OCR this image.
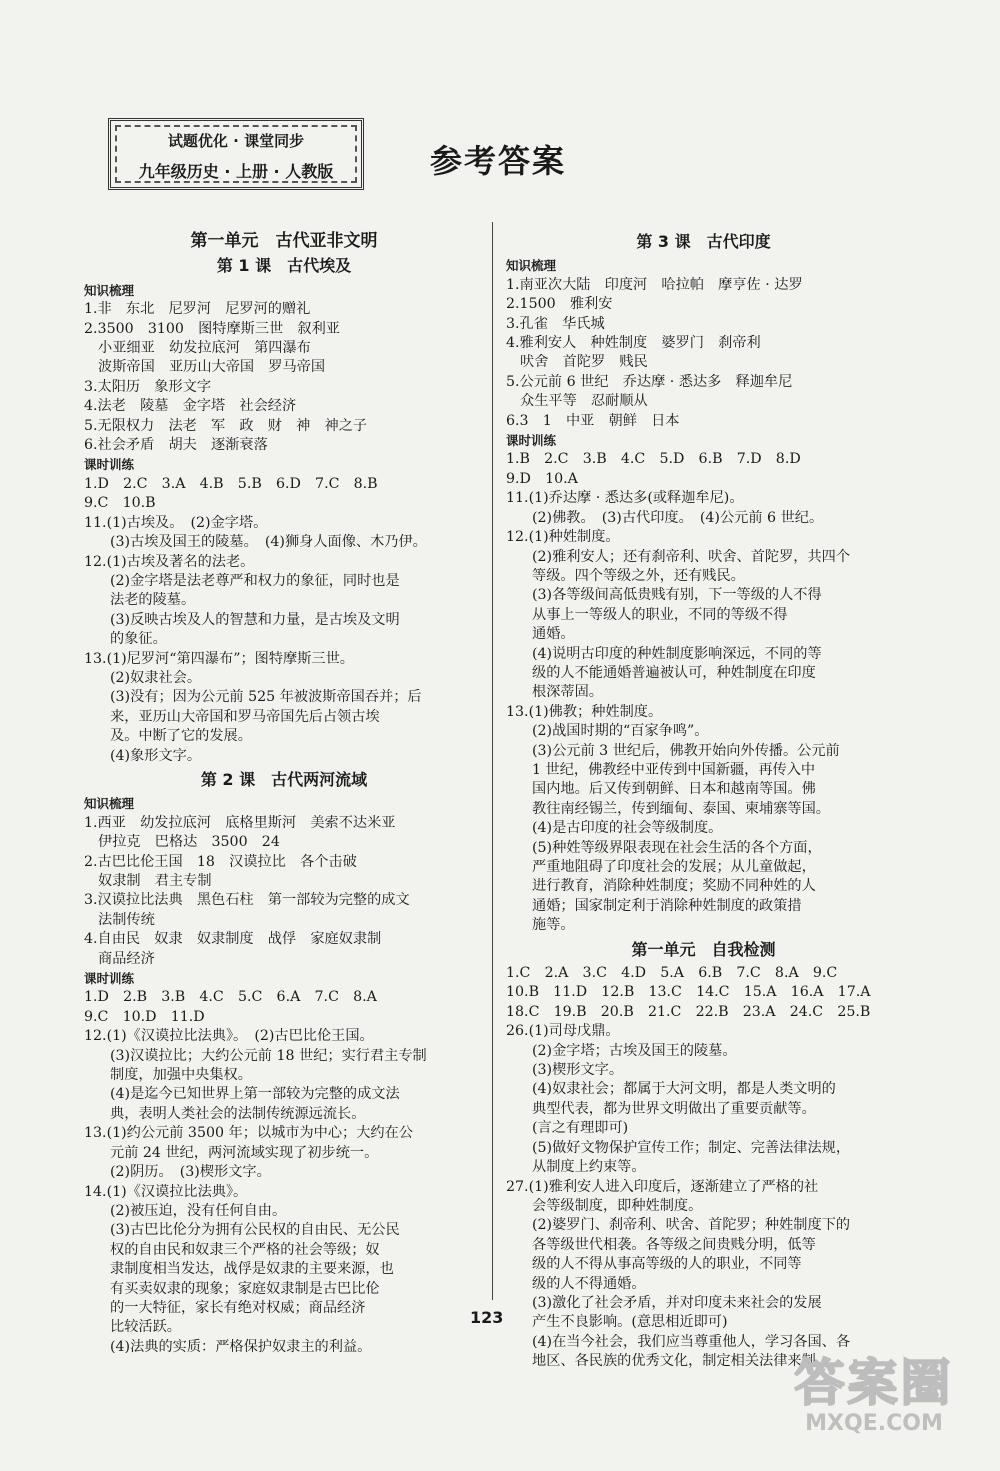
试题优化 · 课堂同步
九年级历史 · 上册 · 人教版	参考答案
第一单元　古代亚非文明
第 1 课　古代埃及
知识梳理
1.非　东北　尼罗河　尼罗河的赠礼
2.3500　3100　图特摩斯三世　叙利亚
小亚细亚　幼发拉底河　第四瀑布
波斯帝国　亚历山大帝国　罗马帝国
3.太阳历　象形文字
4.法老　陵墓　金字塔　社会经济
5.无限权力　法老　军　政　财　神　神之子
6.社会矛盾　胡夫　逐渐衰落
课时训练
1.D　2.C　3.A　4.B　5.B　6.D　7.C　8.B
9.C　10.B
11.(1)古埃及。　(2)金字塔。
(3)古埃及国王的陵墓。　(4)狮身人面像、木乃伊。
12.(1)古埃及著名的法老。
(2)金字塔是法老尊严和权力的象征，同时也是
法老的陵墓。
(3)反映古埃及人的智慧和力量，是古埃及文明
的象征。
13.(1)尼罗河“第四瀑布”；图特摩斯三世。
(2)奴隶社会。
(3)没有；因为公元前 525 年被波斯帝国吞并；后
来，亚历山大帝国和罗马帝国先后占领古埃
及。中断了它的发展。
(4)象形文字。
第 2 课　古代两河流域
知识梳理
1.西亚　幼发拉底河　底格里斯河　美索不达米亚
伊拉克　巴格达　3500　24
2.古巴比伦王国　18　汉谟拉比　各个击破
奴隶制　君主专制
3.汉谟拉比法典　黑色石柱　第一部较为完整的成文
法制传统
4.自由民　奴隶　奴隶制度　战俘　家庭奴隶制
商品经济
课时训练
1.D　2.B　3.B　4.C　5.C　6.A　7.C　8.A
9.C　10.D　11.D
12.(1)《汉谟拉比法典》。　(2)古巴比伦王国。
(3)汉谟拉比；大约公元前 18 世纪；实行君主专制
制度，加强中央集权。
(4)是迄今已知世界上第一部较为完整的成文法
典，表明人类社会的法制传统源远流长。
13.(1)约公元前 3500 年；以城市为中心；大约在公
元前 24 世纪，两河流域实现了初步统一。
(2)阴历。　(3)楔形文字。
14.(1)《汉谟拉比法典》。
(2)被压迫，没有任何自由。
(3)古巴比伦分为拥有公民权的自由民、无公民
权的自由民和奴隶三个严格的社会等级；奴
隶制度相当发达，战俘是奴隶的主要来源，也
有买卖奴隶的现象；家庭奴隶制是古巴比伦
的一大特征，家长有绝对权威；商品经济
比较活跃。
(4)法典的实质：严格保护奴隶主的利益。
第 3 课　古代印度
知识梳理
1.南亚次大陆　印度河　哈拉帕　摩亨佐 · 达罗
2.1500　雅利安
3.孔雀　华氏城
4.雅利安人　种姓制度　婆罗门　刹帝利
吠舍　首陀罗　贱民
5.公元前 6 世纪　乔达摩 · 悉达多　释迦牟尼
众生平等　忍耐顺从
6.3　1　中亚　朝鲜　日本
课时训练
1.B　2.C　3.B　4.C　5.D　6.B　7.D　8.D
9.D　10.A
11.(1)乔达摩 · 悉达多(或释迦牟尼)。
(2)佛教。　(3)古代印度。　(4)公元前 6 世纪。
12.(1)种姓制度。
(2)雅利安人；还有刹帝利、吠舍、首陀罗，共四个
等级。四个等级之外，还有贱民。
(3)各等级间高低贵贱有别，下一等级的人不得
从事上一等级人的职业，不同的等级不得
通婚。
(4)说明古印度的种姓制度影响深远，不同的等
级的人不能通婚普遍被认可，种姓制度在印度
根深蒂固。
13.(1)佛教；种姓制度。
(2)战国时期的“百家争鸣”。
(3)公元前 3 世纪后，佛教开始向外传播。公元前
1 世纪，佛教经中亚传到中国新疆，再传入中
国内地。后又传到朝鲜、日本和越南等国。佛
教往南经锡兰，传到缅甸、泰国、柬埔寨等国。
(4)是古印度的社会等级制度。
(5)种姓等级界限表现在社会生活的各个方面，
严重地阻碍了印度社会的发展；从儿童做起，
进行教育，消除种姓制度；奖励不同种姓的人
通婚；国家制定利于消除种姓制度的政策措
施等。
第一单元　自我检测
1.C　2.A　3.C　4.D　5.A　6.B　7.C　8.A　9.C
10.B　11.D　12.B　13.C　14.C　15.A　16.A　17.A
18.C　19.B　20.B　21.C　22.B　23.A　24.C　25.B
26.(1)司母戊鼎。
(2)金字塔；古埃及国王的陵墓。
(3)楔形文字。
(4)奴隶社会；都属于大河文明，都是人类文明的
典型代表，都为世界文明做出了重要贡献等。
(言之有理即可)
(5)做好文物保护宣传工作；制定、完善法律法规，
从制度上约束等。
27.(1)雅利安人进入印度后，逐渐建立了严格的社
会等级制度，即种姓制度。
(2)婆罗门、刹帝利、吠舍、首陀罗；种姓制度下的
各等级世代相袭。各等级之间贵贱分明，低等
级的人不得从事高等级的人的职业，不同等
级的人不得通婚。
(3)激化了社会矛盾，并对印度未来社会的发展
产生不良影响。(意思相近即可)
(4)在当今社会，我们应当尊重他人，学习各国、各
地区、各民族的优秀文化，制定相关法律来制
123
答案圈
MXQE.COM
